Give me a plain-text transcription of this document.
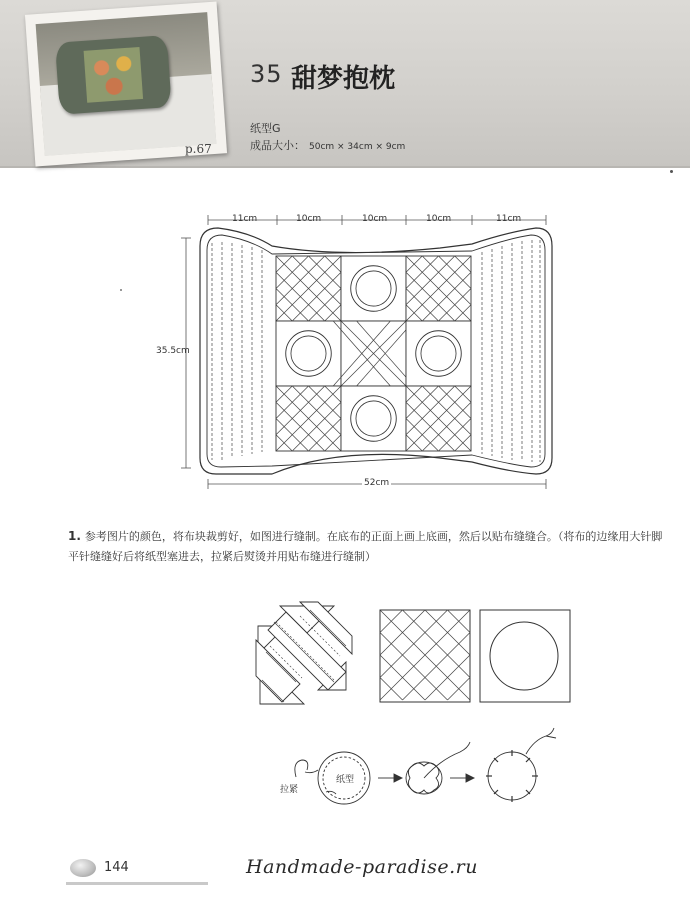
p.67
35 甜梦抱枕
纸型G
成品大小： 50cm × 34cm × 9cm
11cm	10cm	10cm	10cm	11cm
35.5cm
52cm
1. 参考图片的颜色，将布块裁剪好，如图进行缝制。在底布的正面上画上底画，然后以贴布缝缝合。（将布的边缘用大针脚平针缝缝好后将纸型塞进去，拉紧后熨烫并用贴布缝进行缝制）
拉紧
纸型
144	Handmade-paradise.ru
